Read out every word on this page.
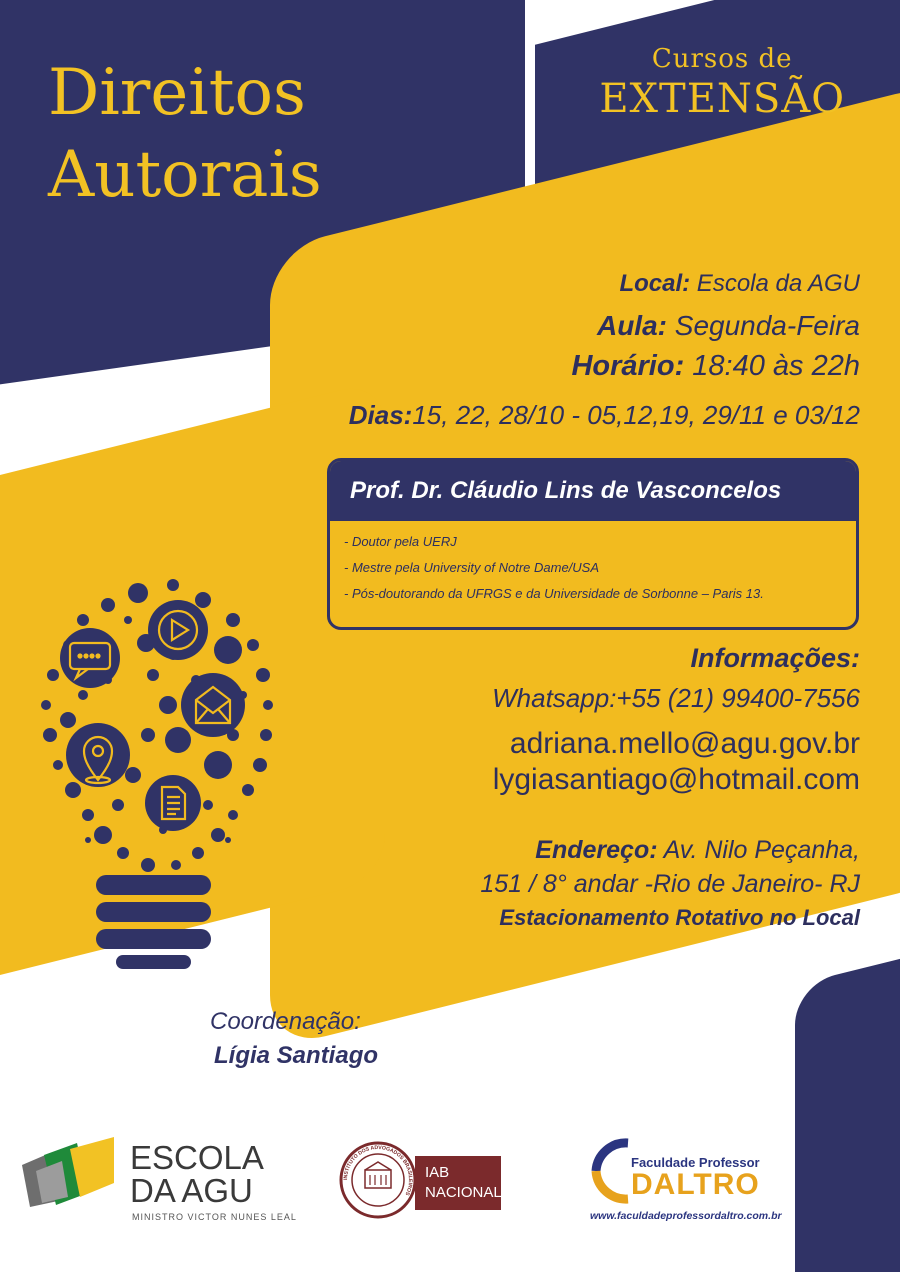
Direitos
Autorais
Cursos de
EXTENSÃO
Local: Escola da AGU
Aula: Segunda-Feira
Horário: 18:40 às 22h
Dias:15, 22, 28/10 - 05,12,19, 29/11 e 03/12
Prof. Dr. Cláudio Lins de Vasconcelos
- Doutor pela UERJ
- Mestre pela University of Notre Dame/USA
- Pós-doutorando da UFRGS e da Universidade de Sorbonne – Paris 13.
Informações:
Whatsapp:+55 (21) 99400-7556
adriana.mello@agu.gov.br
lygiasantiago@hotmail.com
Endereço: Av. Nilo Peçanha,
151 / 8° andar -Rio de Janeiro- RJ
Estacionamento Rotativo no Local
Coordenação:
Lígia Santiago
ESCOLA
DA AGU
MINISTRO VICTOR NUNES LEAL
INSTITUTO DOS ADVOGADOS BRASILEIROS
IAB
NACIONAL
Faculdade Professor
DALTRO
www.faculdadeprofessordaltro.com.br
